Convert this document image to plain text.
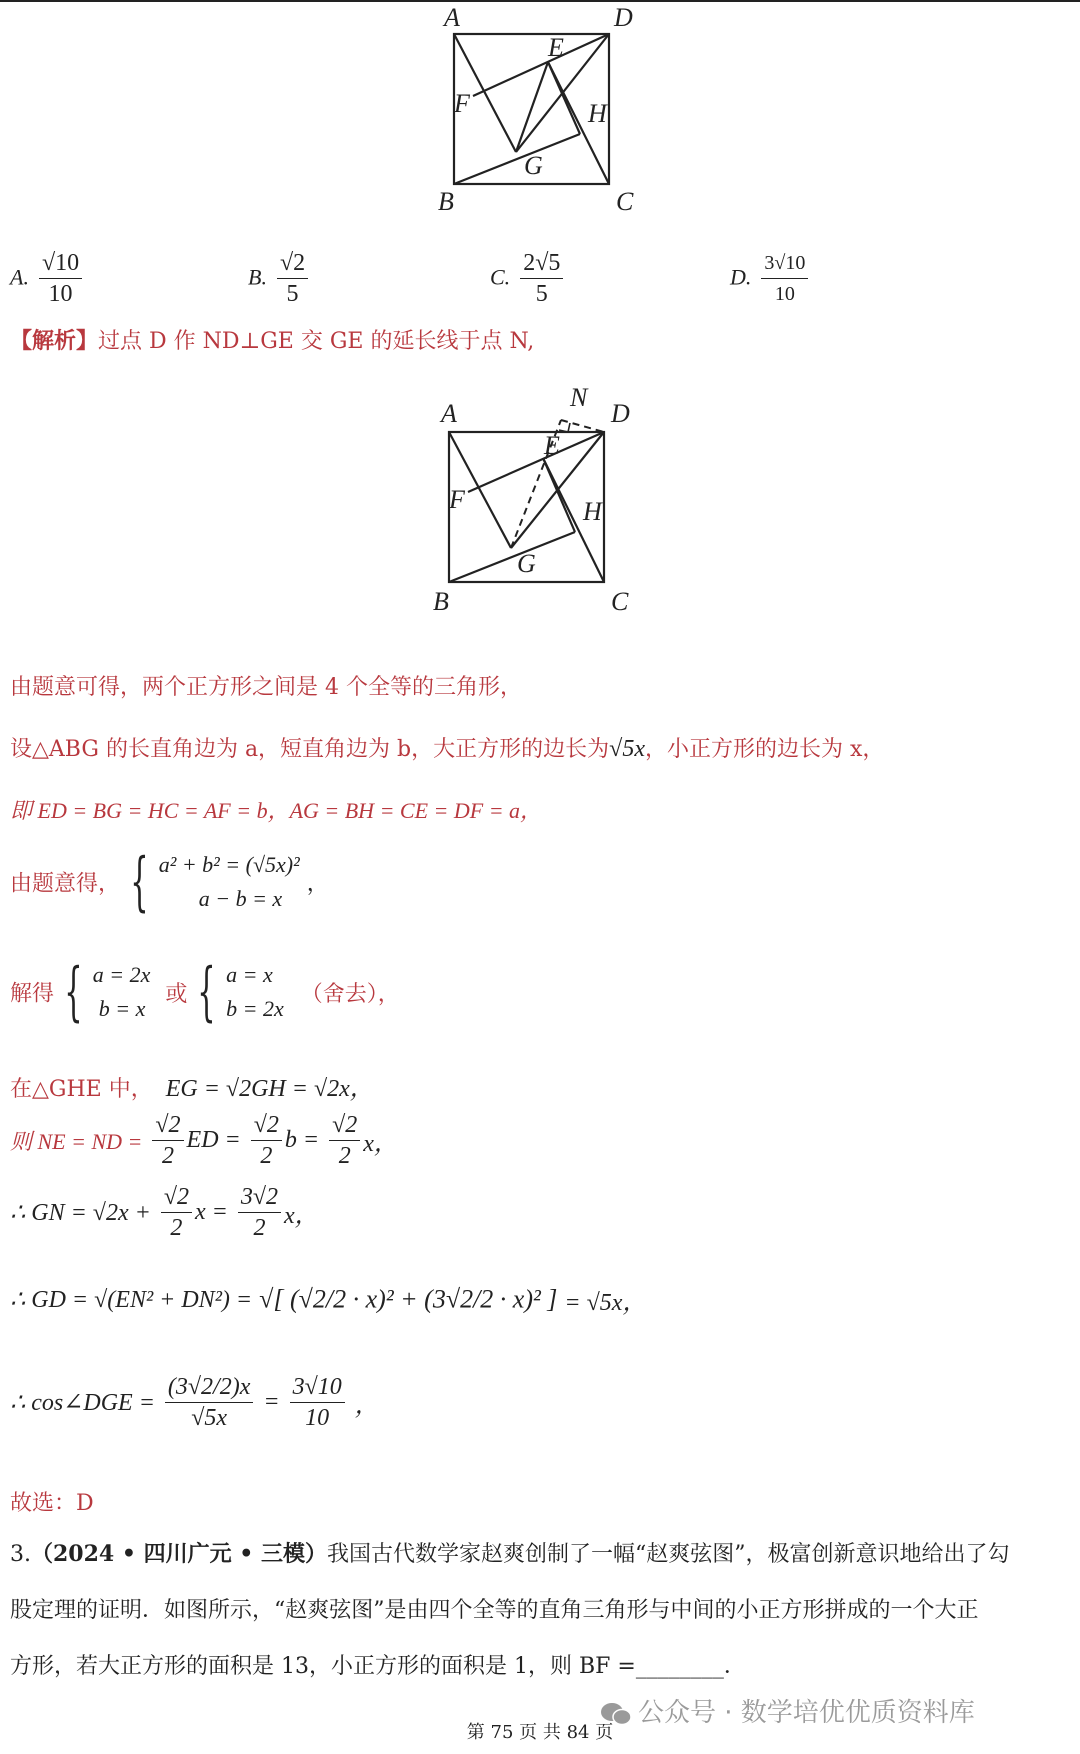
A	D
E
F	H
G
B	C
A. $\frac{√10}{10}$	B. $\frac{√2}{5}$	C. $\frac{2√5}{5}$	D. $\frac{3√10}{10}$
【解析】过点 D 作 ND⊥GE 交 GE 的延长线于点 N,
N
A	D
E
F	H
G
B	C
由题意可得，两个正方形之间是 4 个全等的三角形，
设△ABG 的长直角边为 a，短直角边为 b，大正方形的边长为√5x，小正方形的边长为 x，
即 ED = BG = HC = AF = b，AG = BH = CE = DF = a，
由题意得， { a² + b² = (√5x)²
a − b = x
，
解得 { a = 2x
b = x
或 { a = x
b = 2x
（舍去），
在△GHE 中， EG = √2GH = √2x，
则 NE = ND = $\frac{√2}{2}$ ED = $\frac{√2}{2}$ $b = \frac{√2}{2}$ x，
∴ GN = $√2x + \frac{√2}{2}$ $x = \frac{3√2}{2}$ x，
∴ GD = √(EN² + DN²) = √[ (√2/2 · x)² + (3√2/2 · x)² ] = √5x，
∴ cos∠DGE = $\frac{(3√2/2)x}{√5x} = \frac{3√10}{10}$ ，
故选：D
3.（2024 • 四川广元 • 三模）我国古代数学家赵爽创制了一幅“赵爽弦图”，极富创新意识地给出了勾
股定理的证明．如图所示，“赵爽弦图”是由四个全等的直角三角形与中间的小正方形拼成的一个大正
方形，若大正方形的面积是 13，小正方形的面积是 1，则 BF =________．
公众号 · 数学培优优质资料库
第 75 页 共 84 页
